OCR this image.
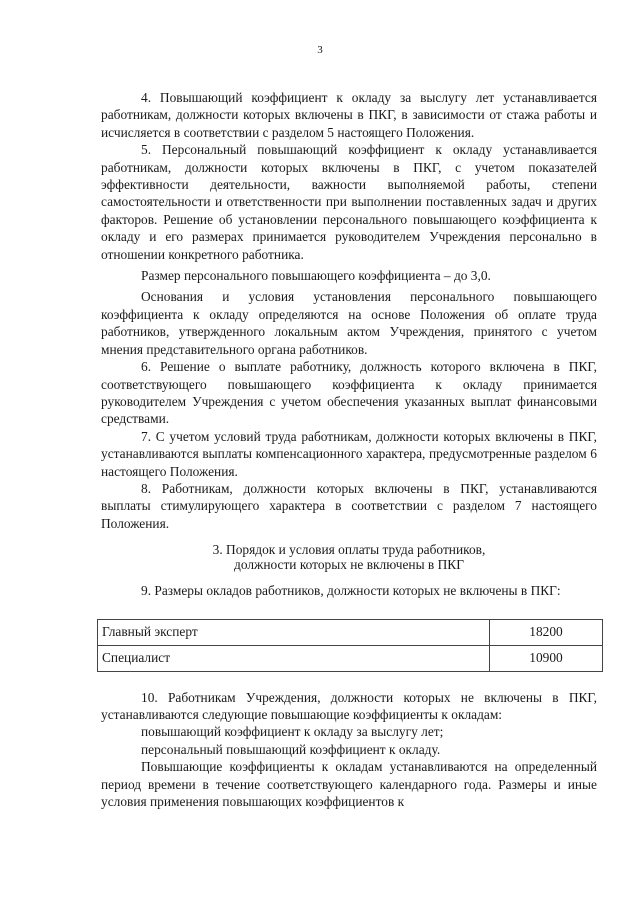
3

4. Повышающий коэффициент к окладу за выслугу лет устанавливается работникам, должности которых включены в ПКГ, в зависимости от стажа работы и исчисляется в соответствии с разделом 5 настоящего Положения.

5. Персональный повышающий коэффициент к окладу устанавливается работникам, должности которых включены в ПКГ, с учетом показателей эффективности деятельности, важности выполняемой работы, степени самостоятельности и ответственности при выполнении поставленных задач и других факторов. Решение об установлении персонального повышающего коэффициента к окладу и его размерах принимается руководителем Учреждения персонально в отношении конкретного работника.

Размер персонального повышающего коэффициента – до 3,0.

Основания и условия установления персонального повышающего коэффициента к окладу определяются на основе Положения об оплате труда работников, утвержденного локальным актом Учреждения, принятого с учетом мнения представительного органа работников.

6. Решение о выплате работнику, должность которого включена в ПКГ, соответствующего повышающего коэффициента к окладу принимается руководителем Учреждения с учетом обеспечения указанных выплат финансовыми средствами.

7. С учетом условий труда работникам, должности которых включены в ПКГ, устанавливаются выплаты компенсационного характера, предусмотренные разделом 6 настоящего Положения.

8. Работникам, должности которых включены в ПКГ, устанавливаются выплаты стимулирующего характера в соответствии с разделом 7 настоящего Положения.

3. Порядок и условия оплаты труда работников,
должности которых не включены в ПКГ

9. Размеры окладов работников, должности которых не включены в ПКГ:

Главный эксперт	18200
Специалист	10900

10. Работникам Учреждения, должности которых не включены в ПКГ, устанавливаются следующие повышающие коэффициенты к окладам:

повышающий коэффициент к окладу за выслугу лет;

персональный повышающий коэффициент к окладу.

Повышающие коэффициенты к окладам устанавливаются на определенный период времени в течение соответствующего календарного года. Размеры и иные условия применения повышающих коэффициентов к
